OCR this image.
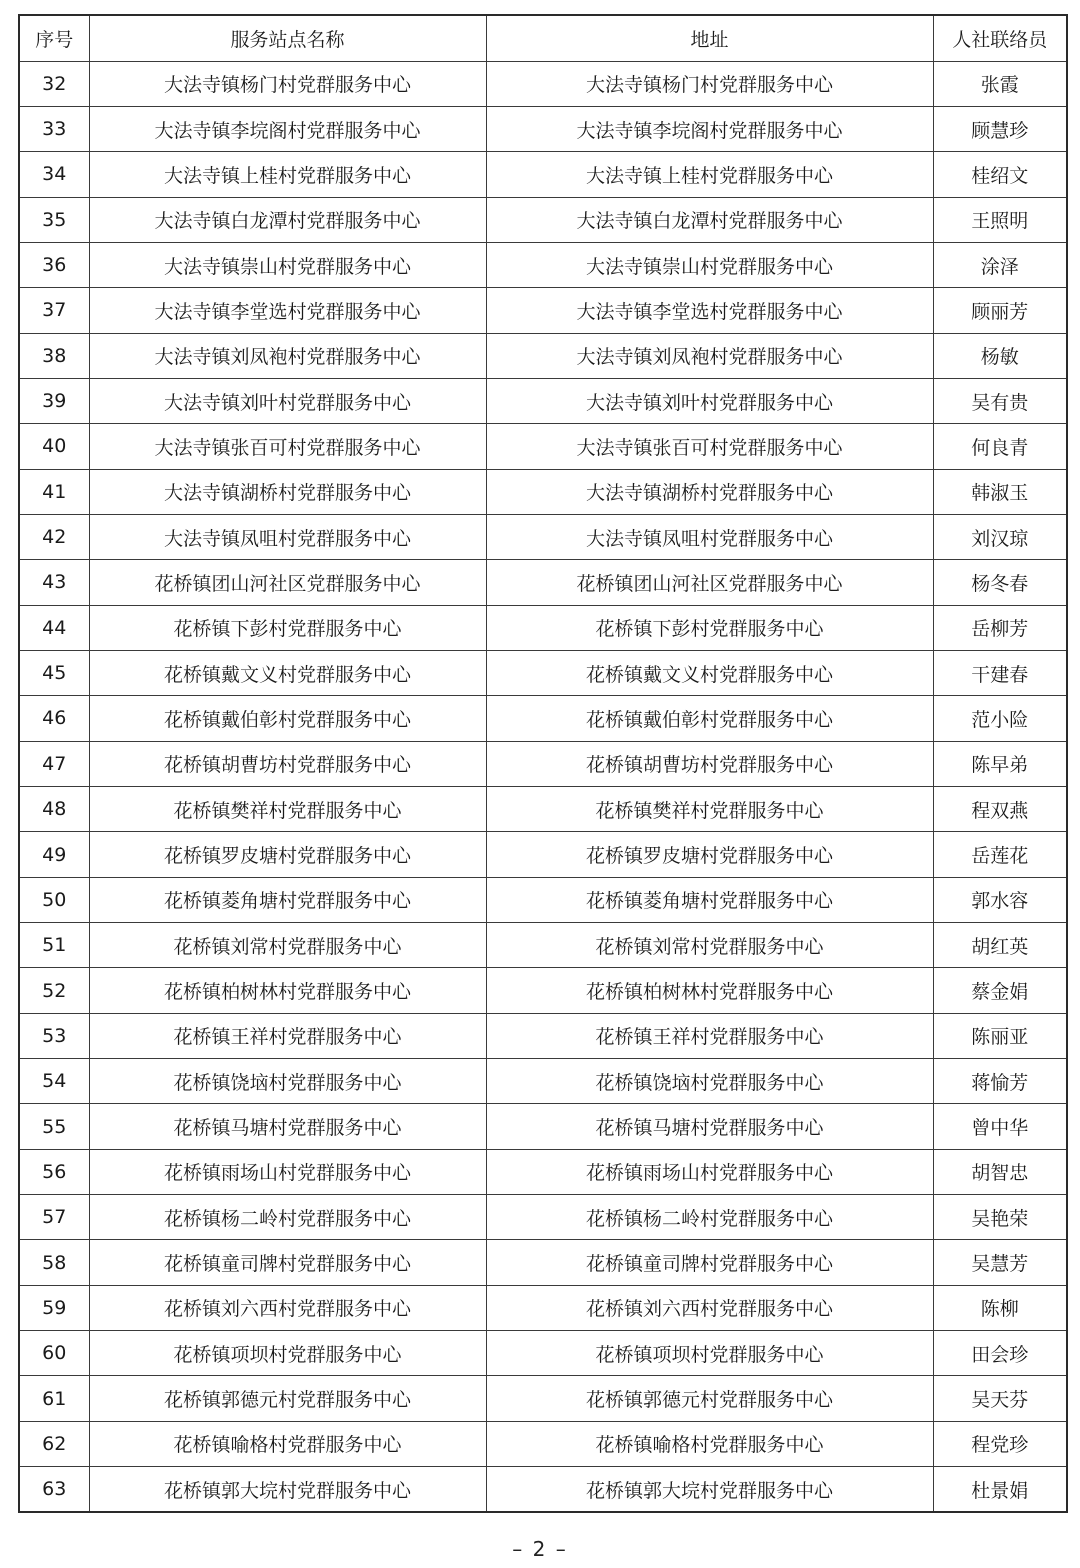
序号	服务站点名称	地址	人社联络员
32	大法寺镇杨门村党群服务中心	大法寺镇杨门村党群服务中心	张霞
33	大法寺镇李垸阁村党群服务中心	大法寺镇李垸阁村党群服务中心	顾慧珍
34	大法寺镇上桂村党群服务中心	大法寺镇上桂村党群服务中心	桂绍文
35	大法寺镇白龙潭村党群服务中心	大法寺镇白龙潭村党群服务中心	王照明
36	大法寺镇崇山村党群服务中心	大法寺镇崇山村党群服务中心	涂泽
37	大法寺镇李堂选村党群服务中心	大法寺镇李堂选村党群服务中心	顾丽芳
38	大法寺镇刘凤袍村党群服务中心	大法寺镇刘凤袍村党群服务中心	杨敏
39	大法寺镇刘叶村党群服务中心	大法寺镇刘叶村党群服务中心	吴有贵
40	大法寺镇张百可村党群服务中心	大法寺镇张百可村党群服务中心	何良青
41	大法寺镇湖桥村党群服务中心	大法寺镇湖桥村党群服务中心	韩淑玉
42	大法寺镇凤咀村党群服务中心	大法寺镇凤咀村党群服务中心	刘汉琼
43	花桥镇团山河社区党群服务中心	花桥镇团山河社区党群服务中心	杨冬春
44	花桥镇下彭村党群服务中心	花桥镇下彭村党群服务中心	岳柳芳
45	花桥镇戴文义村党群服务中心	花桥镇戴文义村党群服务中心	干建春
46	花桥镇戴伯彰村党群服务中心	花桥镇戴伯彰村党群服务中心	范小险
47	花桥镇胡曹坊村党群服务中心	花桥镇胡曹坊村党群服务中心	陈早弟
48	花桥镇樊祥村党群服务中心	花桥镇樊祥村党群服务中心	程双燕
49	花桥镇罗皮塘村党群服务中心	花桥镇罗皮塘村党群服务中心	岳莲花
50	花桥镇菱角塘村党群服务中心	花桥镇菱角塘村党群服务中心	郭水容
51	花桥镇刘常村党群服务中心	花桥镇刘常村党群服务中心	胡红英
52	花桥镇柏树林村党群服务中心	花桥镇柏树林村党群服务中心	蔡金娟
53	花桥镇王祥村党群服务中心	花桥镇王祥村党群服务中心	陈丽亚
54	花桥镇饶垴村党群服务中心	花桥镇饶垴村党群服务中心	蒋愉芳
55	花桥镇马塘村党群服务中心	花桥镇马塘村党群服务中心	曾中华
56	花桥镇雨场山村党群服务中心	花桥镇雨场山村党群服务中心	胡智忠
57	花桥镇杨二岭村党群服务中心	花桥镇杨二岭村党群服务中心	吴艳荣
58	花桥镇童司牌村党群服务中心	花桥镇童司牌村党群服务中心	吴慧芳
59	花桥镇刘六西村党群服务中心	花桥镇刘六西村党群服务中心	陈柳
60	花桥镇项坝村党群服务中心	花桥镇项坝村党群服务中心	田会珍
61	花桥镇郭德元村党群服务中心	花桥镇郭德元村党群服务中心	吴天芬
62	花桥镇喻格村党群服务中心	花桥镇喻格村党群服务中心	程党珍
63	花桥镇郭大垸村党群服务中心	花桥镇郭大垸村党群服务中心	杜景娟
– 2 –
